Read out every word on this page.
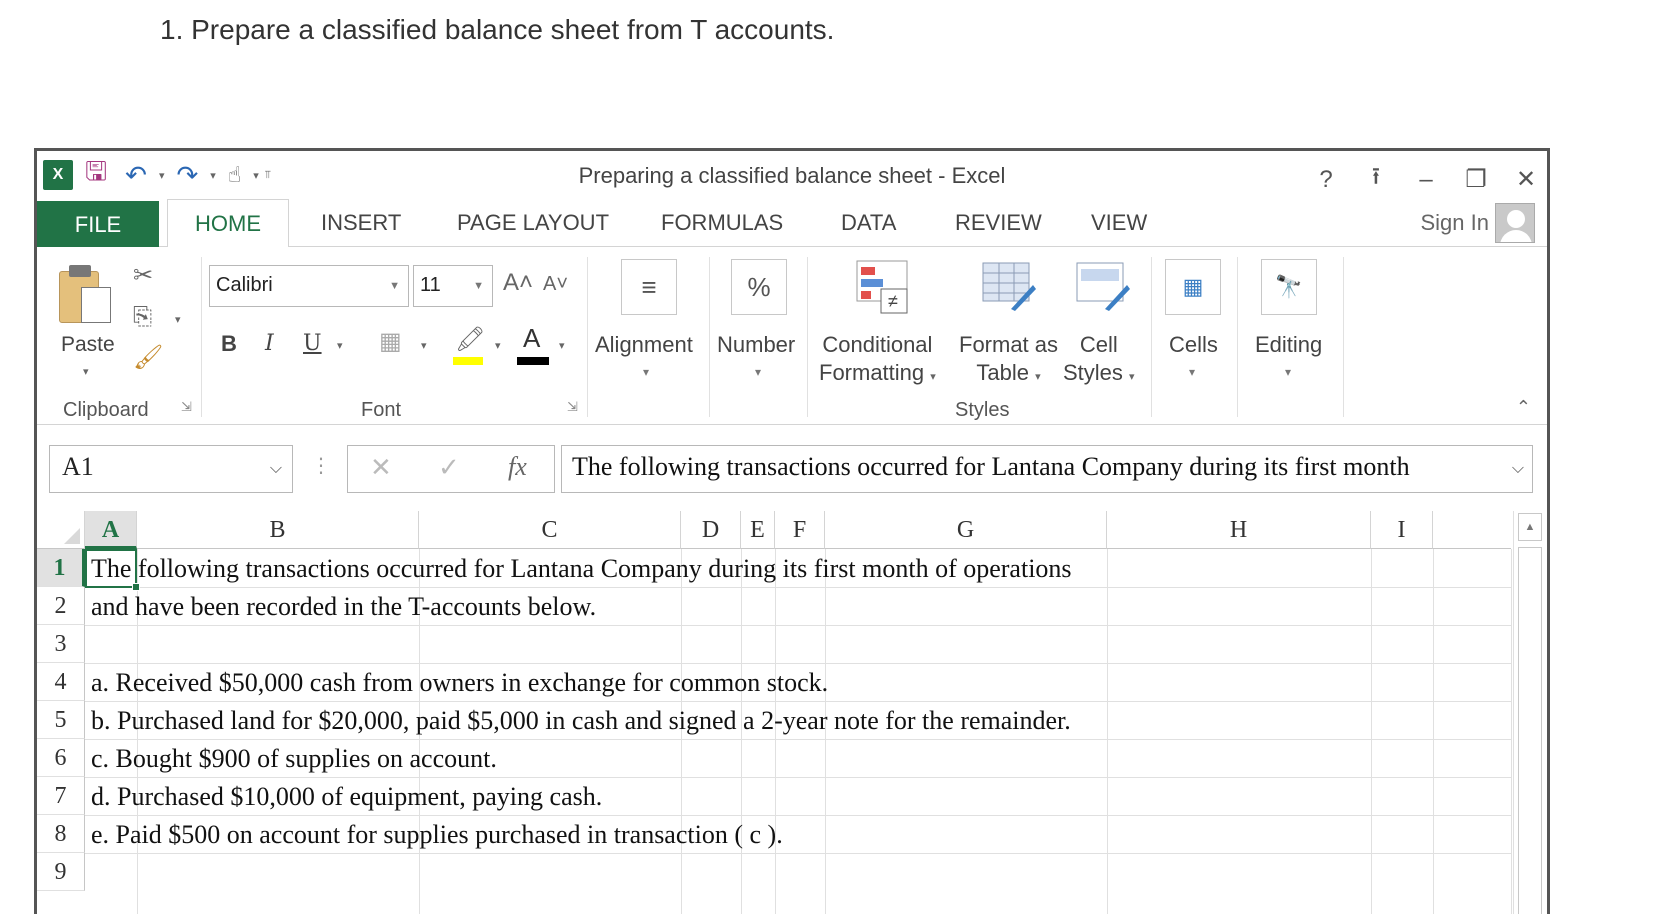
1. Prepare a classified balance sheet from T accounts.
X 🖫 ↶	▾ ↷	▾ ☝	▾ ⫪	Preparing a classified balance sheet - Excel	? ⭱ – ❐ ✕
FILE	HOME	INSERT	PAGE LAYOUT	FORMULAS	DATA	REVIEW	VIEW	Sign In
Paste
▾
✂
⎘ ▾
🖌
Clipboard ⇲
Calibri	▼	11	▼ A˄ A˅
B I U ▾ ▦ ▾ 🖍 ▾ A ▾
Font	⇲
≡
Alignment
▾
%
Number
▾
≠
Conditional
Formatting ▾
Format as
Table ▾
Cell
Styles ▾
Styles
▦
Cells
▾
🔭
Editing
▾
⌃
A1	⌵ ⋮ ✕ ✓ fx	The following transactions occurred for Lantana Company during its first month	⌵
A	B	C	D	E	F	G	H	I
1 The following transactions occurred for Lantana Company during its first month of operations
2 and have been recorded in the T-accounts below.
3
4 a. Received $50,000 cash from owners in exchange for common stock.
5 b. Purchased land for $20,000, paid $5,000 in cash and signed a 2-year note for the remainder.
6 c. Bought $900 of supplies on account.
7 d. Purchased $10,000 of equipment, paying cash.
8 e. Paid $500 on account for supplies purchased in transaction ( c ).
9
▲
